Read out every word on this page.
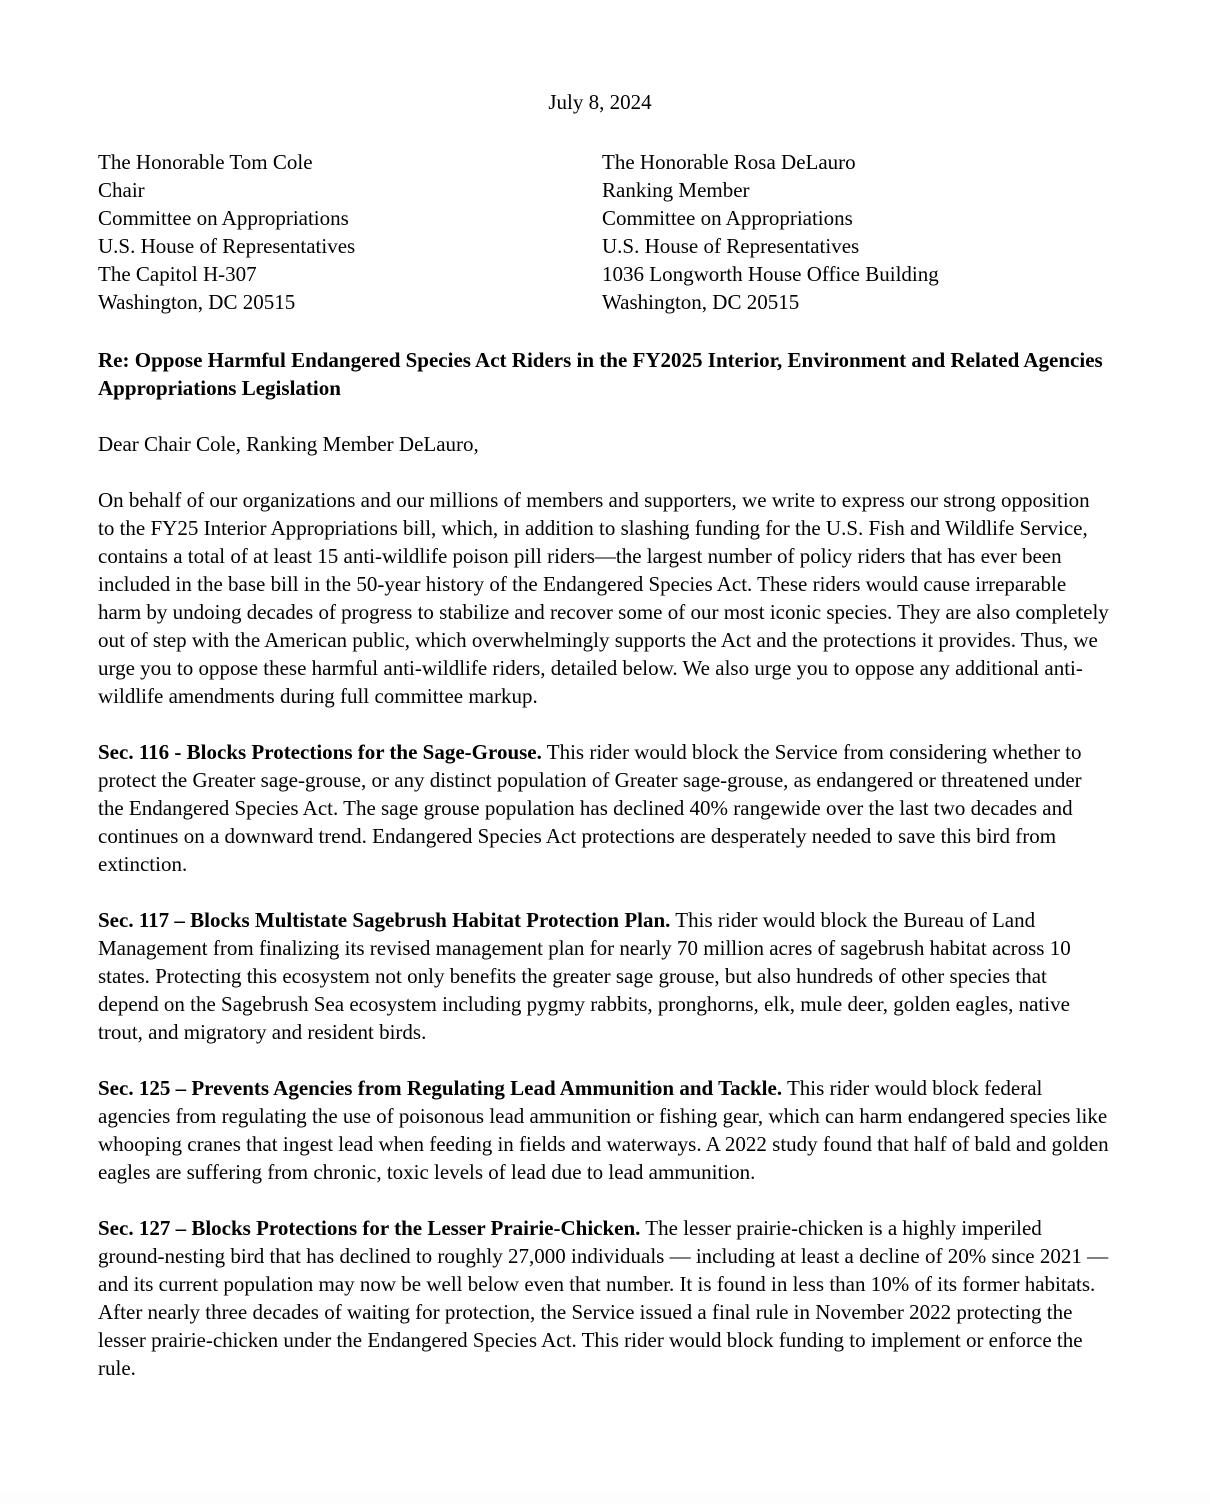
July 8, 2024
The Honorable Tom Cole
Chair
Committee on Appropriations
U.S. House of Representatives
The Capitol H-307
Washington, DC 20515
The Honorable Rosa DeLauro
Ranking Member
Committee on Appropriations
U.S. House of Representatives
1036 Longworth House Office Building
Washington, DC 20515
Re: Oppose Harmful Endangered Species Act Riders in the FY2025 Interior, Environment and Related Agencies Appropriations Legislation
Dear Chair Cole, Ranking Member DeLauro,
On behalf of our organizations and our millions of members and supporters, we write to express our strong opposition to the FY25 Interior Appropriations bill, which, in addition to slashing funding for the U.S. Fish and Wildlife Service, contains a total of at least 15 anti-wildlife poison pill riders—the largest number of policy riders that has ever been included in the base bill in the 50-year history of the Endangered Species Act. These riders would cause irreparable harm by undoing decades of progress to stabilize and recover some of our most iconic species. They are also completely out of step with the American public, which overwhelmingly supports the Act and the protections it provides. Thus, we urge you to oppose these harmful anti-wildlife riders, detailed below. We also urge you to oppose any additional anti-wildlife amendments during full committee markup.
Sec. 116 - Blocks Protections for the Sage-Grouse. This rider would block the Service from considering whether to protect the Greater sage-grouse, or any distinct population of Greater sage-grouse, as endangered or threatened under the Endangered Species Act. The sage grouse population has declined 40% rangewide over the last two decades and continues on a downward trend. Endangered Species Act protections are desperately needed to save this bird from extinction.
Sec. 117 – Blocks Multistate Sagebrush Habitat Protection Plan. This rider would block the Bureau of Land Management from finalizing its revised management plan for nearly 70 million acres of sagebrush habitat across 10 states. Protecting this ecosystem not only benefits the greater sage grouse, but also hundreds of other species that depend on the Sagebrush Sea ecosystem including pygmy rabbits, pronghorns, elk, mule deer, golden eagles, native trout, and migratory and resident birds.
Sec. 125 – Prevents Agencies from Regulating Lead Ammunition and Tackle. This rider would block federal agencies from regulating the use of poisonous lead ammunition or fishing gear, which can harm endangered species like whooping cranes that ingest lead when feeding in fields and waterways. A 2022 study found that half of bald and golden eagles are suffering from chronic, toxic levels of lead due to lead ammunition.
Sec. 127 – Blocks Protections for the Lesser Prairie-Chicken. The lesser prairie-chicken is a highly imperiled ground-nesting bird that has declined to roughly 27,000 individuals — including at least a decline of 20% since 2021 — and its current population may now be well below even that number. It is found in less than 10% of its former habitats. After nearly three decades of waiting for protection, the Service issued a final rule in November 2022 protecting the lesser prairie-chicken under the Endangered Species Act. This rider would block funding to implement or enforce the rule.
